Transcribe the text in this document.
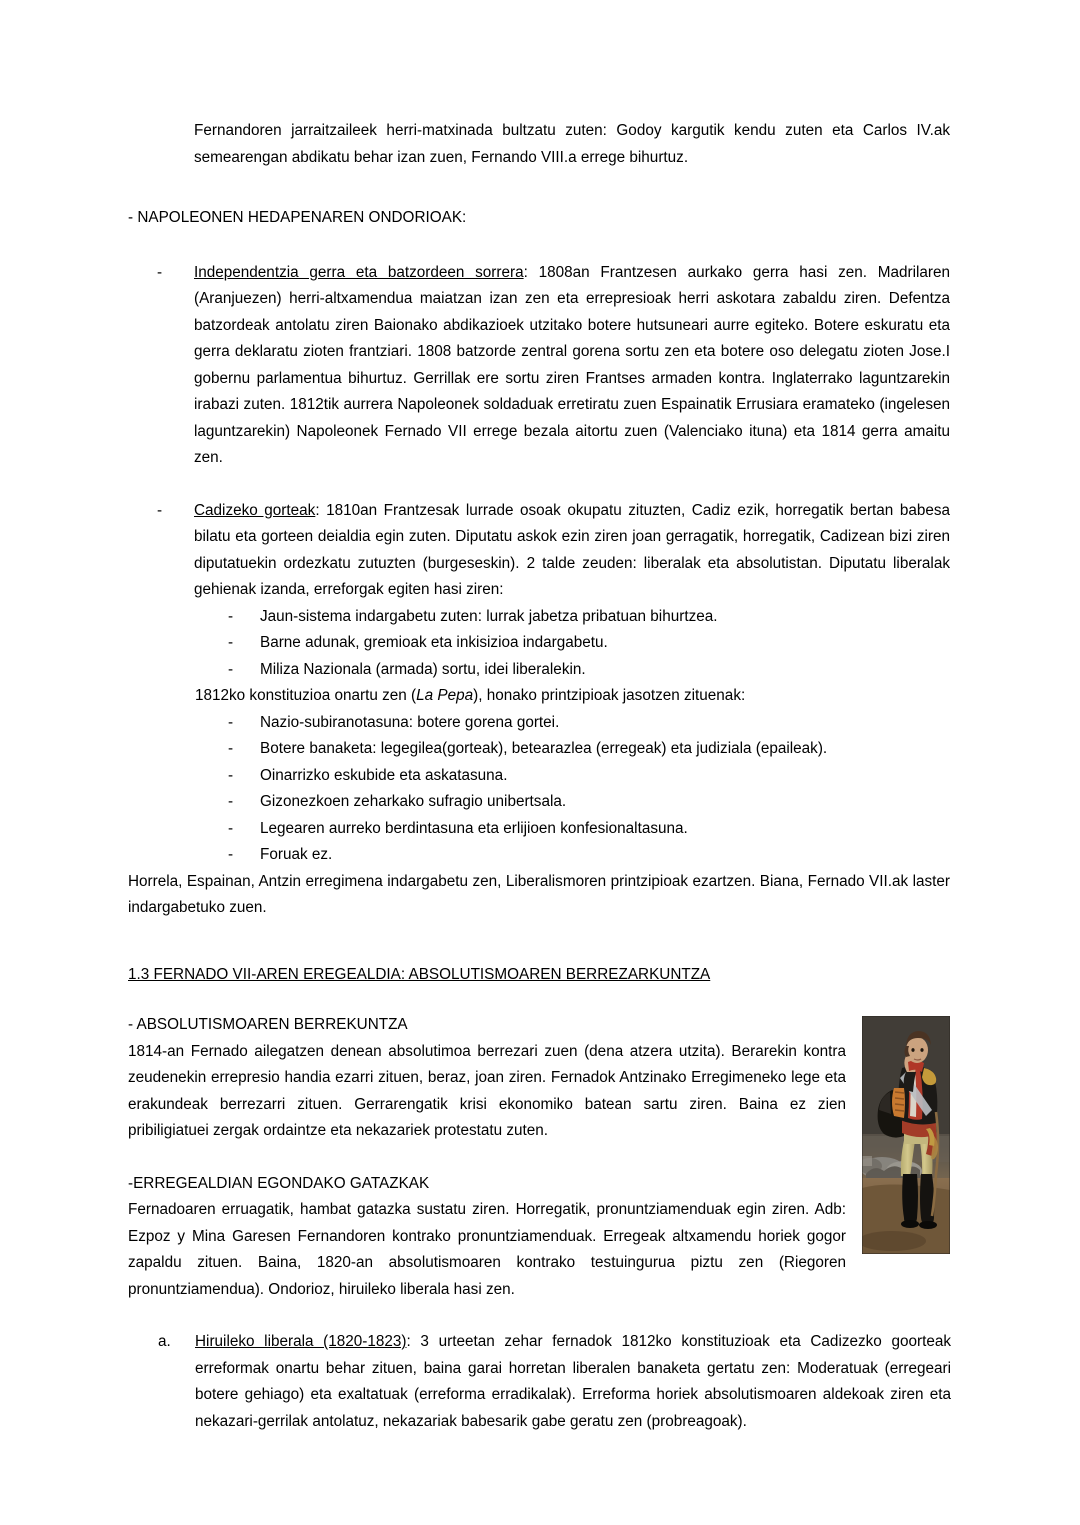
Fernandoren jarraitzaileek herri-matxinada bultzatu zuten: Godoy kargutik kendu zuten eta Carlos IV.ak semearengan abdikatu behar izan zuen, Fernando VIII.a errege bihurtuz.

- NAPOLEONEN HEDAPENAREN ONDORIOAK:

- Independentzia gerra eta batzordeen sorrera: 1808an Frantzesen aurkako gerra hasi zen. Madrilaren (Aranjuezen) herri-altxamendua maiatzan izan zen eta errepresioak herri askotara zabaldu ziren. Defentza batzordeak antolatu ziren Baionako abdikazioek utzitako botere hutsuneari aurre egiteko. Botere eskuratu eta gerra deklaratu zioten frantziari. 1808 batzorde zentral gorena sortu zen eta botere oso delegatu zioten Jose.I gobernu parlamentua bihurtuz. Gerrillak ere sortu ziren Frantses armaden kontra. Inglaterrako laguntzarekin irabazi zuten. 1812tik aurrera Napoleonek soldaduak erretiratu zuen Espainatik Errusiara eramateko (ingelesen laguntzarekin) Napoleonek Fernado VII errege bezala aitortu zuen (Valenciako ituna) eta 1814 gerra amaitu zen.
- Cadizeko gorteak: 1810an Frantzesak lurrade osoak okupatu zituzten, Cadiz ezik, horregatik bertan babesa bilatu eta gorteen deialdia egin zuten. Diputatu askok ezin ziren joan gerragatik, horregatik, Cadizean bizi ziren diputatuekin ordezkatu zutuzten (burgeseskin). 2 talde zeuden: liberalak eta absolutistan. Diputatu liberalak gehienak izanda, erreforgak egiten hasi ziren:
- Jaun-sistema indargabetu zuten: lurrak jabetza pribatuan bihurtzea.
- Barne adunak, gremioak eta inkisizioa indargabetu.
- Miliza Nazionala (armada) sortu, idei liberalekin.

1812ko konstituzioa onartu zen (La Pepa), honako printzipioak jasotzen zituenak:

- Nazio-subiranotasuna: botere gorena gortei.
- Botere banaketa: legegilea(gorteak), betearazlea (erregeak) eta judiziala (epaileak).
- Oinarrizko eskubide eta askatasuna.
- Gizonezkoen zeharkako sufragio unibertsala.
- Legearen aurreko berdintasuna eta erlijioen konfesionaltasuna.
- Foruak ez.

Horrela, Espainan, Antzin erregimena indargabetu zen, Liberalismoren printzipioak ezartzen. Biana, Fernado VII.ak laster indargabetuko zuen.

1.3 FERNADO VII-AREN EREGEALDIA: ABSOLUTISMOAREN BERREZARKUNTZA

- ABSOLUTISMOAREN BERREKUNTZA

1814-an Fernado ailegatzen denean absolutimoa berrezari zuen (dena atzera utzita). Berarekin kontra zeudenekin errepresio handia ezarri zituen, beraz, joan ziren. Fernadok Antzinako Erregimeneko lege eta erakundeak berrezarri zituen. Gerrarengatik krisi ekonomiko batean sartu ziren. Baina ez zien pribiligiatuei zergak ordaintze eta nekazariek protestatu zuten.

-ERREGEALDIAN EGONDAKO GATAZKAK

Fernadoaren erruagatik, hambat gatazka sustatu ziren. Horregatik, pronuntziamenduak egin ziren. Adb: Ezpoz y Mina Garesen Fernandoren kontrako pronuntziamenduak. Erregeak altxamendu horiek gogor zapaldu zituen. Baina, 1820-an absolutismoaren kontrako testuingurua piztu zen (Riegoren pronuntziamendua). Ondorioz, hiruileko liberala hasi zen.

a. Hiruileko liberala (1820-1823): 3 urteetan zehar fernadok 1812ko konstituzioak eta Cadizezko goorteak erreformak onartu behar zituen, baina garai horretan liberalen banaketa gertatu zen: Moderatuak (erregeari botere gehiago) eta exaltatuak (erreforma erradikalak). Erreforma horiek absolutismoaren aldekoak ziren eta nekazari-gerrilak antolatuz, nekazariak babesarik gabe geratu zen (probreagoak).
